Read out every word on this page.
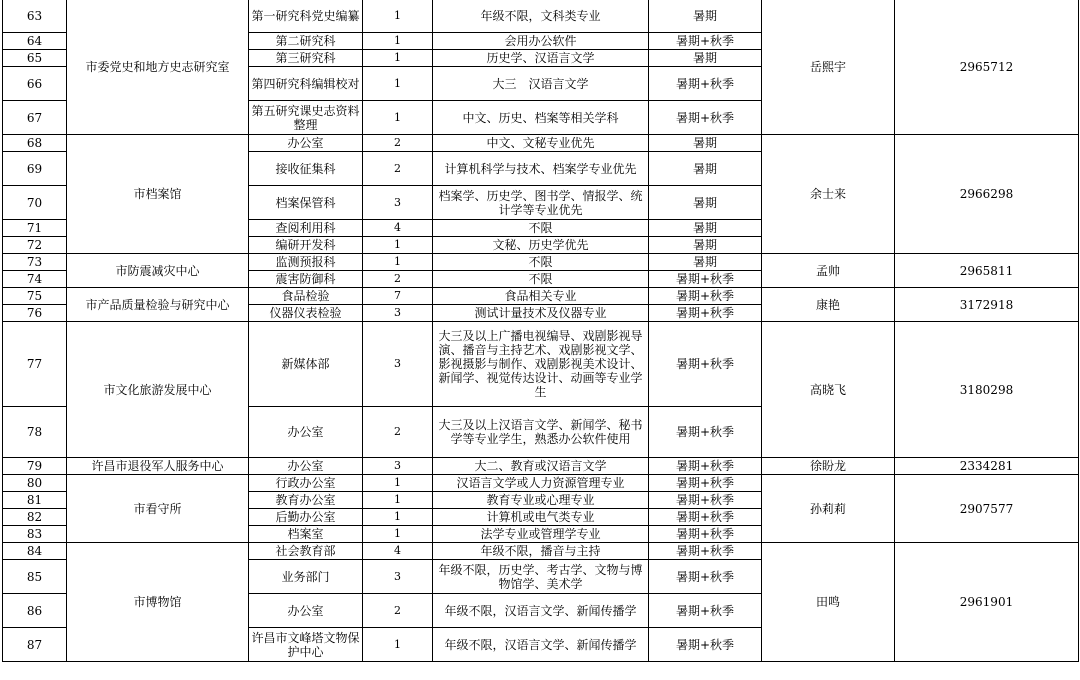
63	市委党史和地方史志研究室	第一研究科党史编纂	1	年级不限，文科类专业	暑期	岳熙宇	2965712
64		第二研究科	1	会用办公软件	暑期+秋季		
65		第三研究科	1	历史学、汉语言文学	暑期		
66		第四研究科编辑校对	1	大三　汉语言文学	暑期+秋季		
67		第五研究课史志资料整理	1	中文、历史、档案等相关学科	暑期+秋季		
68	市档案馆	办公室	2	中文、文秘专业优先	暑期	余士来	2966298
69		接收征集科	2	计算机科学与技术、档案学专业优先	暑期		
70		档案保管科	3	档案学、历史学、图书学、情报学、统计学等专业优先	暑期		
71		查阅利用科	4	不限	暑期		
72		编研开发科	1	文秘、历史学优先	暑期		
73	市防震减灾中心	监测预报科	1	不限	暑期	孟帅	2965811
74		震害防御科	2	不限	暑期+秋季		
75	市产品质量检验与研究中心	食品检验	7	食品相关专业	暑期+秋季	康艳	3172918
76		仪器仪表检验	3	测试计量技术及仪器专业	暑期+秋季		
77	市文化旅游发展中心	新媒体部	3	大三及以上广播电视编导、戏剧影视导演、播音与主持艺术、戏剧影视文学、影视摄影与制作、戏剧影视美术设计、新闻学、视觉传达设计、动画等专业学生	暑期+秋季	高晓飞	3180298
78		办公室	2	大三及以上汉语言文学、新闻学、秘书学等专业学生，熟悉办公软件使用	暑期+秋季		
79	许昌市退役军人服务中心	办公室	3	大二、教育或汉语言文学	暑期+秋季	徐盼龙	2334281
80	市看守所	行政办公室	1	汉语言文学或人力资源管理专业	暑期+秋季	孙莉莉	2907577
81		教育办公室	1	教育专业或心理专业	暑期+秋季		
82		后勤办公室	1	计算机或电气类专业	暑期+秋季		
83		档案室	1	法学专业或管理学专业	暑期+秋季		
84	市博物馆	社会教育部	4	年级不限，播音与主持	暑期+秋季	田鸣	2961901
85		业务部门	3	年级不限，历史学、考古学、文物与博物馆学、美术学	暑期+秋季		
86		办公室	2	年级不限，汉语言文学、新闻传播学	暑期+秋季		
87		许昌市文峰塔文物保护中心	1	年级不限，汉语言文学、新闻传播学	暑期+秋季		
